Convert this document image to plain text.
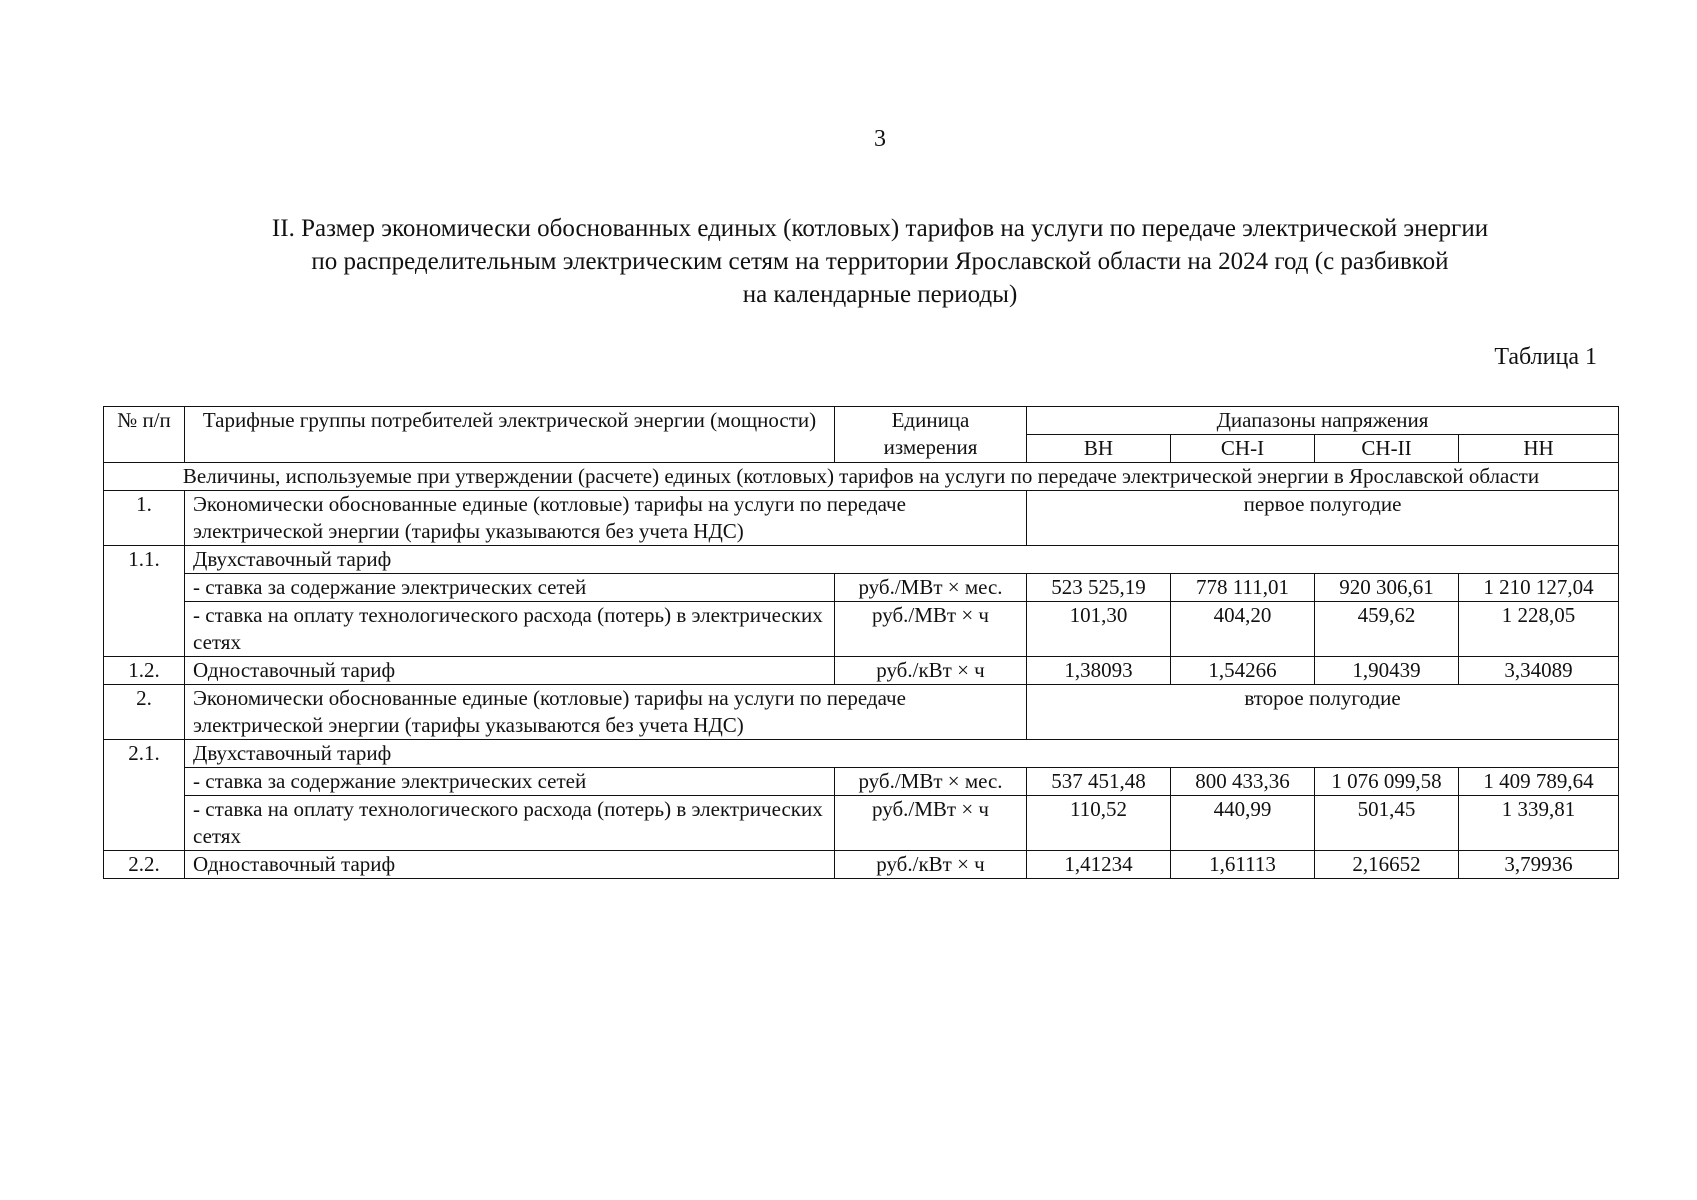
3
II. Размер экономически обоснованных единых (котловых) тарифов на услуги по передаче электрической энергии
по распределительным электрическим сетям на территории Ярославской области на 2024 год (с разбивкой
на календарные периоды)
Таблица 1
№ п/п	Тарифные группы потребителей электрической энергии (мощности)	Единица измерения	Диапазоны напряжения			
			ВН	СН-I	СН-II	НН
Величины, используемые при утверждении (расчете) единых (котловых) тарифов на услуги по передаче электрической энергии в Ярославской области						
1.	Экономически обоснованные единые (котловые) тарифы на услуги по передаче электрической энергии (тарифы указываются без учета НДС)		первое полугодие			
1.1.	Двухставочный тариф					
	- ставка за содержание электрических сетей	руб./МВт × мес.	523 525,19	778 111,01	920 306,61	1 210 127,04
	- ставка на оплату технологического расхода (потерь) в электрических сетях	руб./МВт × ч	101,30	404,20	459,62	1 228,05
1.2.	Одноставочный тариф	руб./кВт × ч	1,38093	1,54266	1,90439	3,34089
2.	Экономически обоснованные единые (котловые) тарифы на услуги по передаче электрической энергии (тарифы указываются без учета НДС)		второе полугодие			
2.1.	Двухставочный тариф					
	- ставка за содержание электрических сетей	руб./МВт × мес.	537 451,48	800 433,36	1 076 099,58	1 409 789,64
	- ставка на оплату технологического расхода (потерь) в электрических сетях	руб./МВт × ч	110,52	440,99	501,45	1 339,81
2.2.	Одноставочный тариф	руб./кВт × ч	1,41234	1,61113	2,16652	3,79936
